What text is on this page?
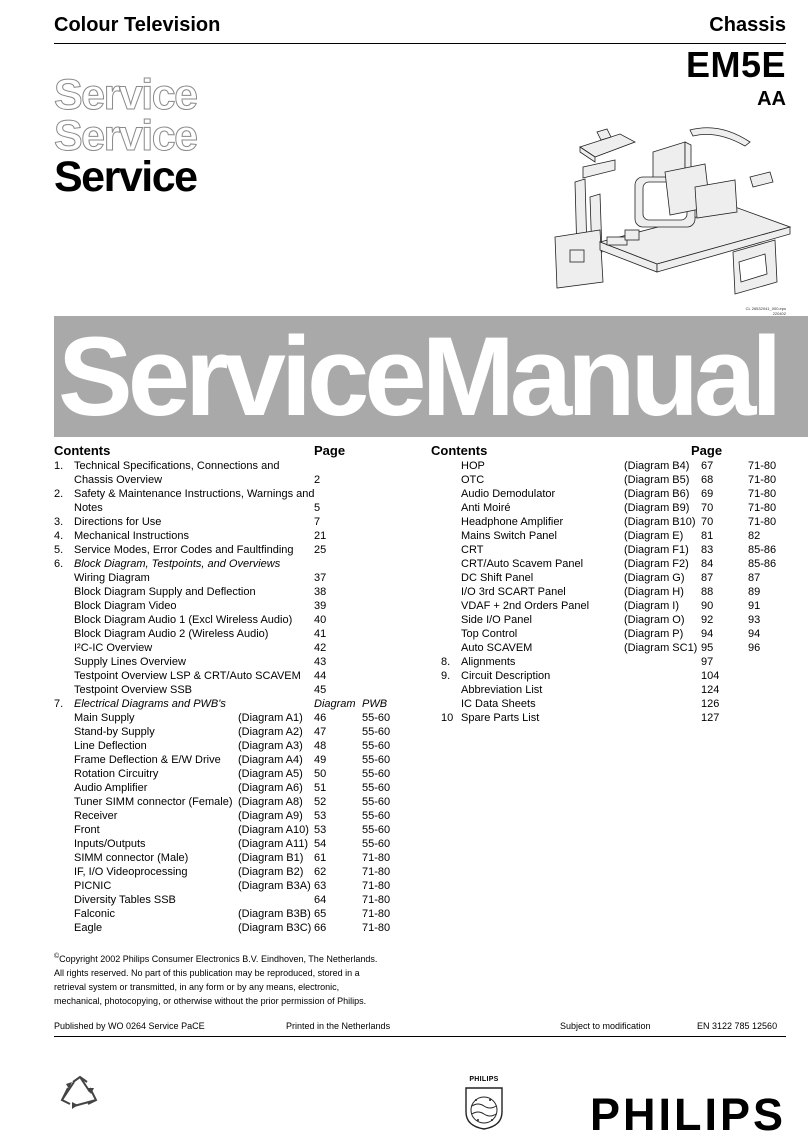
Colour Television	Chassis
EM5E
AA
Service
Service
Service
CL 26532041_000.eps
220402
ServiceManual
Contents	Page	Contents	Page
1. Technical Specifications, Connections and
Chassis Overview	2
2. Safety & Maintenance Instructions, Warnings and
Notes	5
3. Directions for Use	7
4. Mechanical Instructions	21
5. Service Modes, Error Codes and Faultfinding 25
6. Block Diagram, Testpoints, and Overviews
Wiring Diagram	37
Block Diagram Supply and Deflection	38
Block Diagram Video	39
Block Diagram Audio 1 (Excl Wireless Audio) 40
Block Diagram Audio 2 (Wireless Audio)	41
I²C-IC Overview	42
Supply Lines Overview	43
Testpoint Overview LSP & CRT/Auto SCAVEM 44
Testpoint Overview SSB	45
7. Electrical Diagrams and PWB's	Diagram PWB
Main Supply	(Diagram A1) 46	55-60
Stand-by Supply	(Diagram A2) 47	55-60
Line Deflection	(Diagram A3) 48	55-60
Frame Deflection & E/W Drive (Diagram A4) 49	55-60
Rotation Circuitry	(Diagram A5) 50	55-60
Audio Amplifier	(Diagram A6) 51	55-60
Tuner SIMM connector (Female) (Diagram A8) 52	55-60
Receiver	(Diagram A9) 53	55-60
Front	(Diagram A10) 53	55-60
Inputs/Outputs	(Diagram A11) 54	55-60
SIMM connector (Male)	(Diagram B1) 61	71-80
IF, I/O Videoprocessing	(Diagram B2) 62	71-80
PICNIC	(Diagram B3A) 63	71-80
Diversity Tables SSB	64	71-80
Falconic	(Diagram B3B) 65	71-80
Eagle	(Diagram B3C) 66	71-80
HOP	(Diagram B4) 67	71-80
OTC	(Diagram B5) 68	71-80
Audio Demodulator	(Diagram B6) 69	71-80
Anti Moiré	(Diagram B9) 70	71-80
Headphone Amplifier	(Diagram B10) 70	71-80
Mains Switch Panel	(Diagram E) 81	82
CRT	(Diagram F1) 83	85-86
CRT/Auto Scavem Panel	(Diagram F2) 84	85-86
DC Shift Panel	(Diagram G) 87	87
I/O 3rd SCART Panel	(Diagram H) 88	89
VDAF + 2nd Orders Panel	(Diagram I) 90	91
Side I/O Panel	(Diagram O) 92	93
Top Control	(Diagram P) 94	94
Auto SCAVEM	(Diagram SC1) 95	96
8. Alignments	97
9. Circuit Description	104
Abbreviation List	124
IC Data Sheets	126
10 Spare Parts List	127
©Copyright 2002 Philips Consumer Electronics B.V. Eindhoven, The Netherlands.
All rights reserved. No part of this publication may be reproduced, stored in a
retrieval system or transmitted, in any form or by any means, electronic,
mechanical, photocopying, or otherwise without the prior permission of Philips.
Published by WO 0264 Service PaCE	Printed in the Netherlands	Subject to modification	EN 3122 785 12560
PHILIPS
PHILIPS
